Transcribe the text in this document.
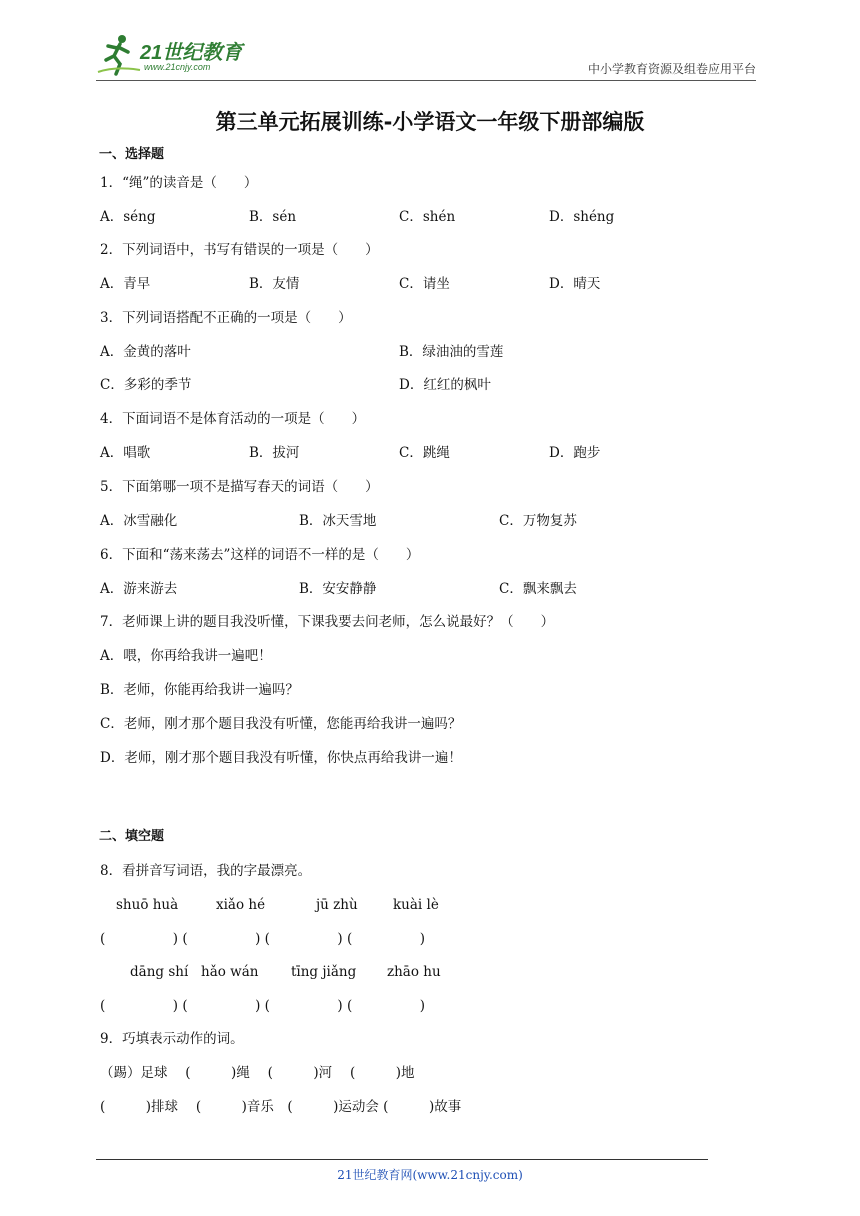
21世纪教育
www.21cnjy.com	中小学教育资源及组卷应用平台
第三单元拓展训练-小学语文一年级下册部编版
一、选择题
1．“绳”的读音是（　　）
A．séng	B．sén	C．shén	D．shéng
2．下列词语中，书写有错误的一项是（　　）
A．青早	B．友情	C．请坐	D．晴天
3．下列词语搭配不正确的一项是（　　）
A．金黄的落叶	B．绿油油的雪莲
C．多彩的季节	D．红红的枫叶
4．下面词语不是体育活动的一项是（　　）
A．唱歌	B．拔河	C．跳绳	D．跑步
5．下面第哪一项不是描写春天的词语（　　）
A．冰雪融化	B．冰天雪地	C．万物复苏
6．下面和“荡来荡去”这样的词语不一样的是（　　）
A．游来游去	B．安安静静	C．飘来飘去
7．老师课上讲的题目我没听懂，下课我要去问老师，怎么说最好？（　　）
A．喂，你再给我讲一遍吧！
B．老师，你能再给我讲一遍吗？
C．老师，刚才那个题目我没有听懂，您能再给我讲一遍吗？
D．老师，刚才那个题目我没有听懂，你快点再给我讲一遍！
二、填空题
8．看拼音写词语，我的字最漂亮。
shuō huà	xiǎo hé	jū zhù	kuài lè
(　　　　　) (　　　　　) (　　　　　) (　　　　　)
dāng shí hǎo wán tīng jiǎng zhāo hu
(　　　　　) (　　　　　) (　　　　　) (　　　　　)
9．巧填表示动作的词。
（踢）足球　 (　　　)绳　 (　　　)河　 (　　　)地
(　　　)排球　 (　　　)音乐　(　　　)运动会 (　　　)故事
21世纪教育网(www.21cnjy.com)
